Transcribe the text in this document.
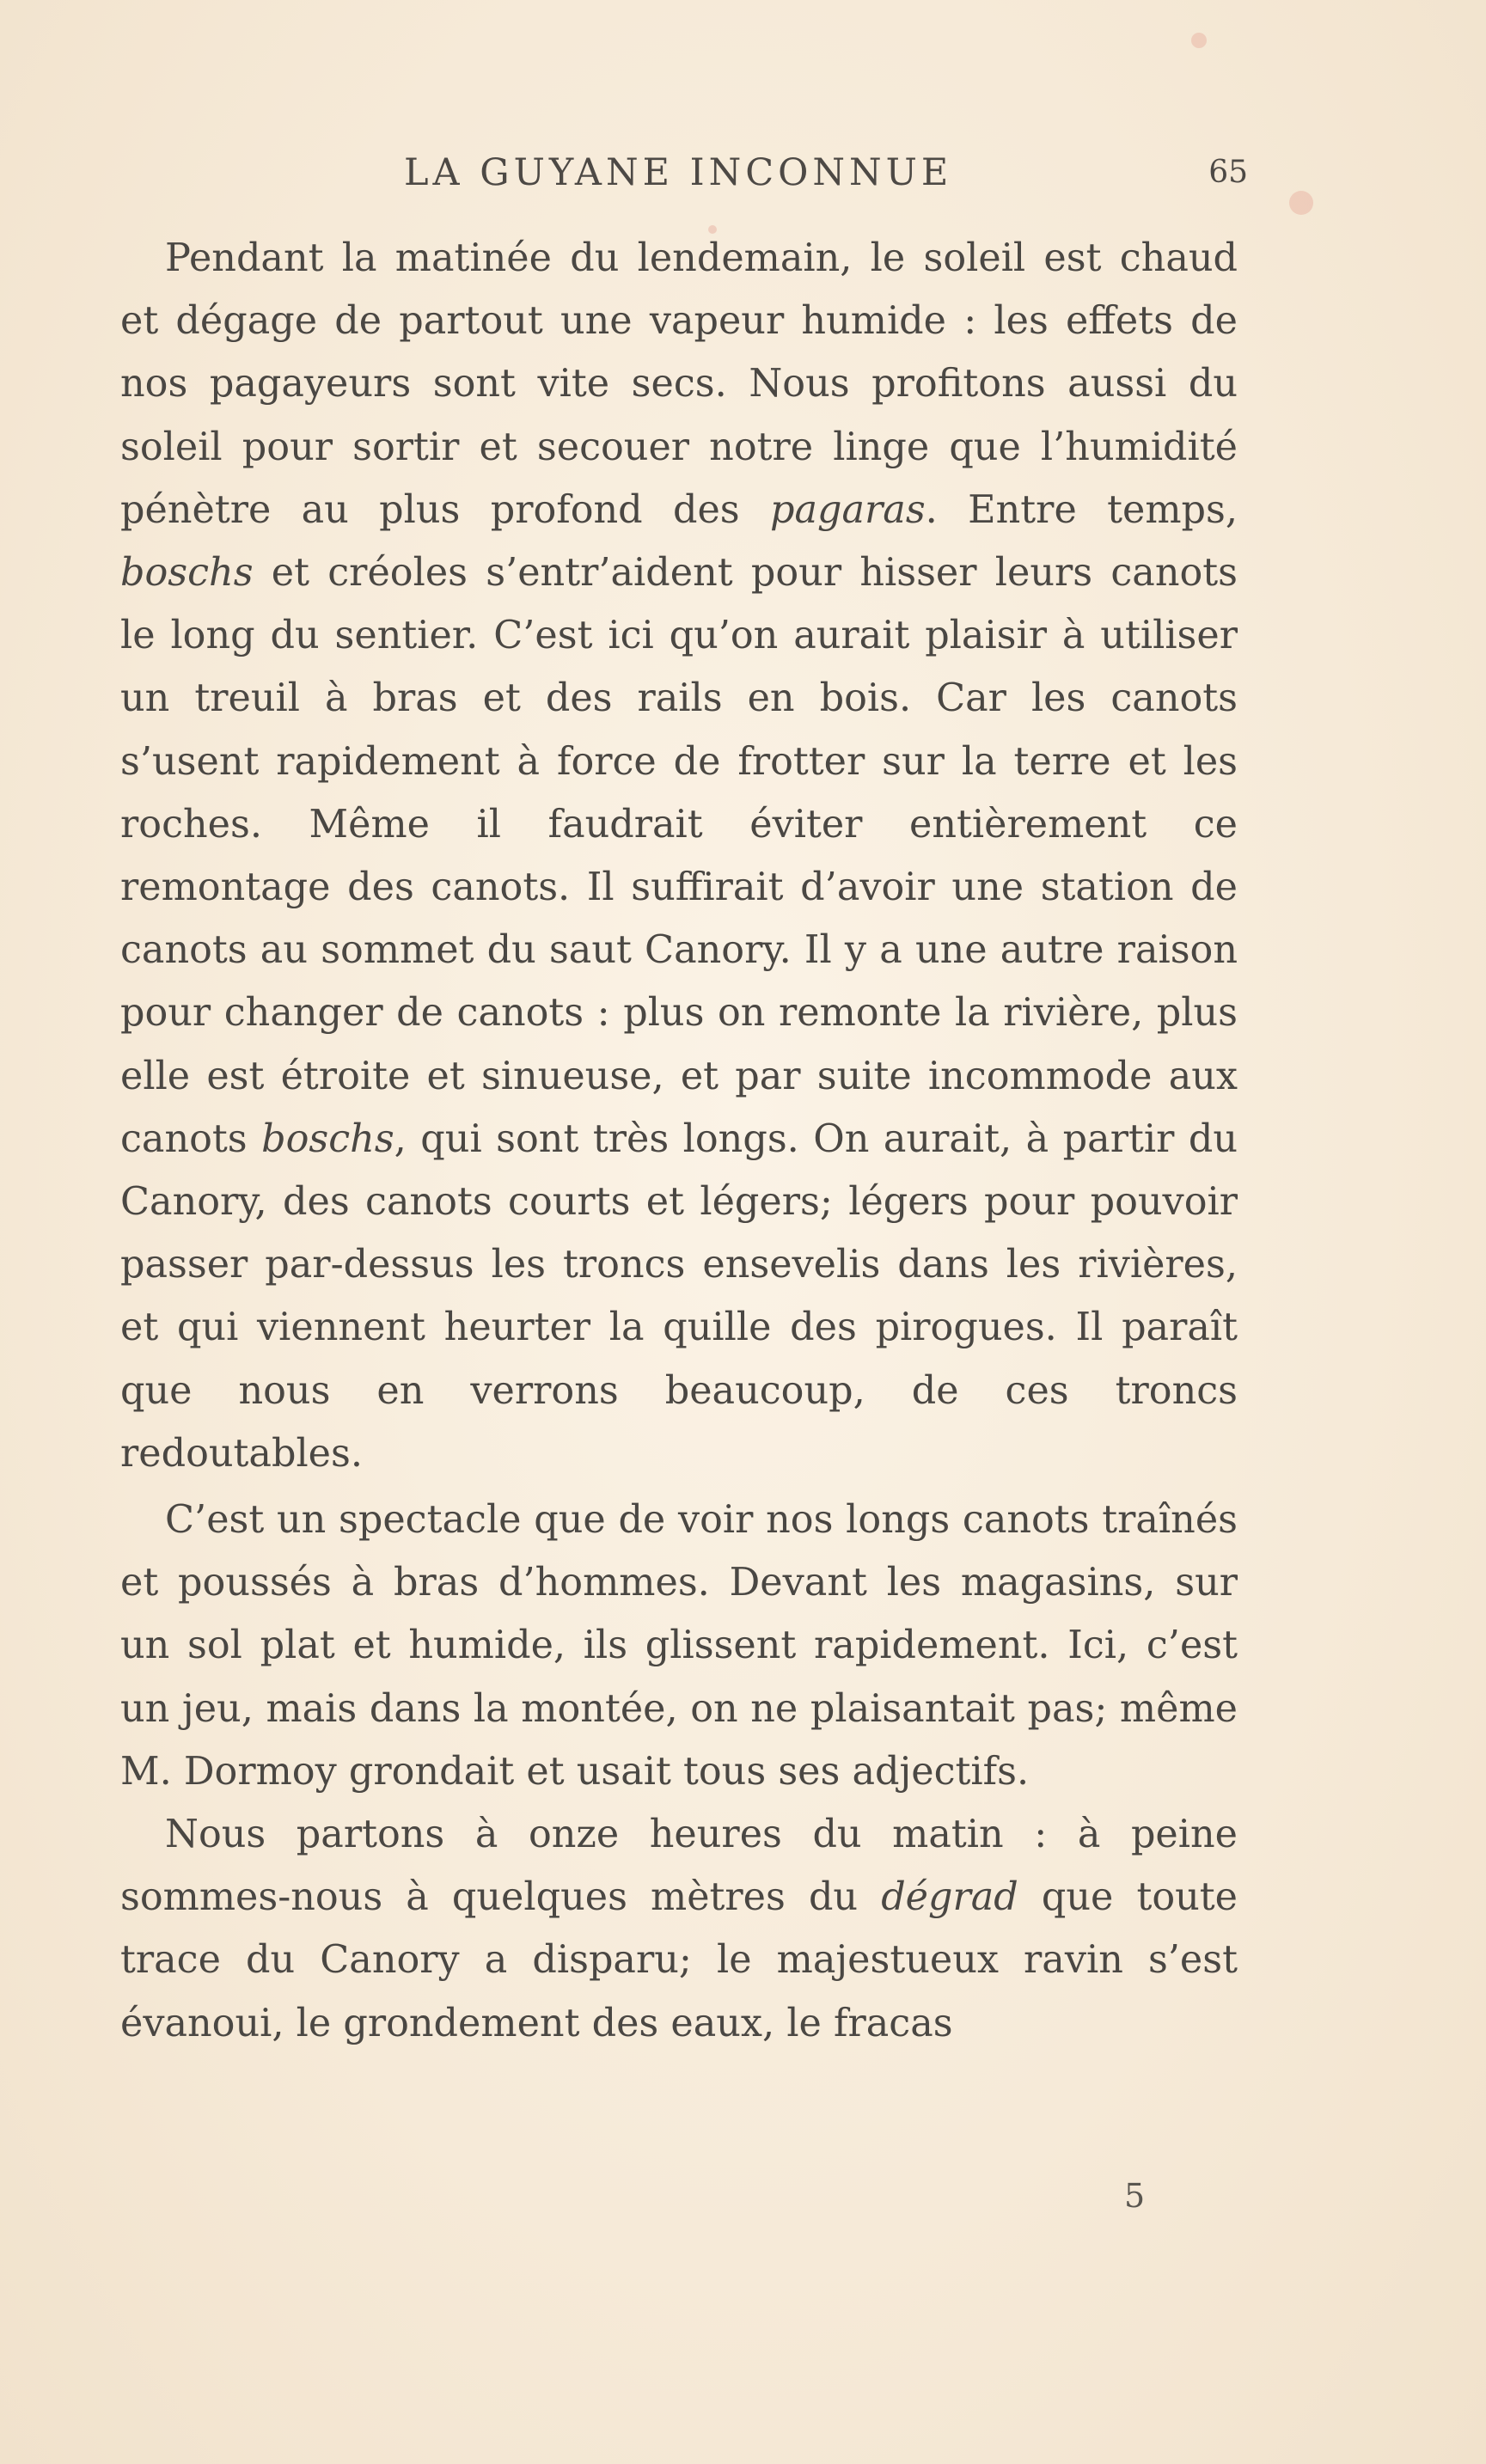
LA GUYANE INCONNUE	65

Pendant la matinée du lendemain, le soleil est chaud et dégage de partout une vapeur humide : les effets de nos pagayeurs sont vite secs. Nous profitons aussi du soleil pour sortir et secouer notre linge que l’humidité pénètre au plus profond des pagaras. Entre temps, boschs et créoles s’entr’aident pour hisser leurs canots le long du sentier. C’est ici qu’on aurait plaisir à utiliser un treuil à bras et des rails en bois. Car les canots s’usent rapidement à force de frotter sur la terre et les roches. Même il faudrait éviter entièrement ce remontage des canots. Il suffirait d’avoir une station de canots au sommet du saut Canory. Il y a une autre raison pour changer de canots : plus on remonte la rivière, plus elle est étroite et sinueuse, et par suite incommode aux canots boschs, qui sont très longs. On aurait, à partir du Canory, des canots courts et légers; légers pour pouvoir passer par-dessus les troncs ensevelis dans les rivières, et qui viennent heurter la quille des pirogues. Il paraît que nous en verrons beaucoup, de ces troncs redoutables.

C’est un spectacle que de voir nos longs canots traînés et poussés à bras d’hommes. Devant les magasins, sur un sol plat et humide, ils glissent rapidement. Ici, c’est un jeu, mais dans la montée, on ne plaisantait pas; même M. Dormoy grondait et usait tous ses adjectifs.

Nous partons à onze heures du matin : à peine sommes-nous à quelques mètres du dégrad que toute trace du Canory a disparu; le majestueux ravin s’est évanoui, le grondement des eaux, le fracas

5
